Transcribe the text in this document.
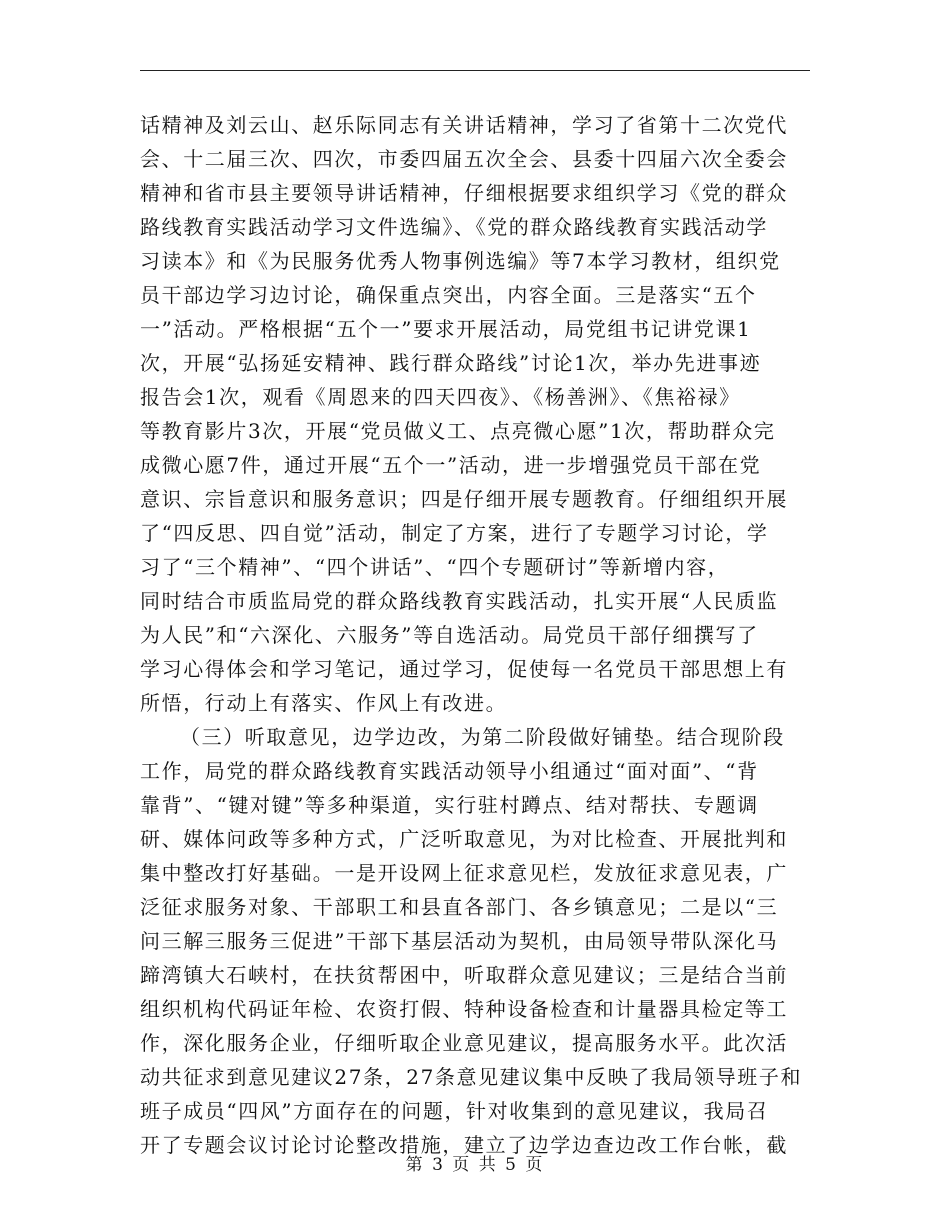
话精神及刘云山、赵乐际同志有关讲话精神，学习了省第十二次党代
会、十二届三次、四次，市委四届五次全会、县委十四届六次全委会
精神和省市县主要领导讲话精神，仔细根据要求组织学习《党的群众
路线教育实践活动学习文件选编》、《党的群众路线教育实践活动学
习读本》和《为民服务优秀人物事例选编》等7本学习教材，组织党
员干部边学习边讨论，确保重点突出，内容全面。三是落实“五个
一”活动。严格根据“五个一”要求开展活动，局党组书记讲党课1
次，开展“弘扬延安精神、践行群众路线”讨论1次，举办先进事迹
报告会1次，观看《周恩来的四天四夜》、《杨善洲》、《焦裕禄》
等教育影片3次，开展“党员做义工、点亮微心愿”1次，帮助群众完
成微心愿7件，通过开展“五个一”活动，进一步增强党员干部在党
意识、宗旨意识和服务意识；四是仔细开展专题教育。仔细组织开展
了“四反思、四自觉”活动，制定了方案，进行了专题学习讨论，学
习了“三个精神”、“四个讲话”、“四个专题研讨”等新增内容，
同时结合市质监局党的群众路线教育实践活动，扎实开展“人民质监
为人民”和“六深化、六服务”等自选活动。局党员干部仔细撰写了
学习心得体会和学习笔记，通过学习，促使每一名党员干部思想上有
所悟，行动上有落实、作风上有改进。
（三）听取意见，边学边改，为第二阶段做好铺垫。结合现阶段
工作，局党的群众路线教育实践活动领导小组通过“面对面”、“背
靠背”、“键对键”等多种渠道，实行驻村蹲点、结对帮扶、专题调
研、媒体问政等多种方式，广泛听取意见，为对比检查、开展批判和
集中整改打好基础。一是开设网上征求意见栏，发放征求意见表，广
泛征求服务对象、干部职工和县直各部门、各乡镇意见；二是以“三
问三解三服务三促进”干部下基层活动为契机，由局领导带队深化马
蹄湾镇大石峡村，在扶贫帮困中，听取群众意见建议；三是结合当前
组织机构代码证年检、农资打假、特种设备检查和计量器具检定等工
作，深化服务企业，仔细听取企业意见建议，提高服务水平。此次活
动共征求到意见建议27条，27条意见建议集中反映了我局领导班子和
班子成员“四风”方面存在的问题，针对收集到的意见建议，我局召
开了专题会议讨论讨论整改措施，建立了边学边查边改工作台帐，截
第 3 页 共 5 页
